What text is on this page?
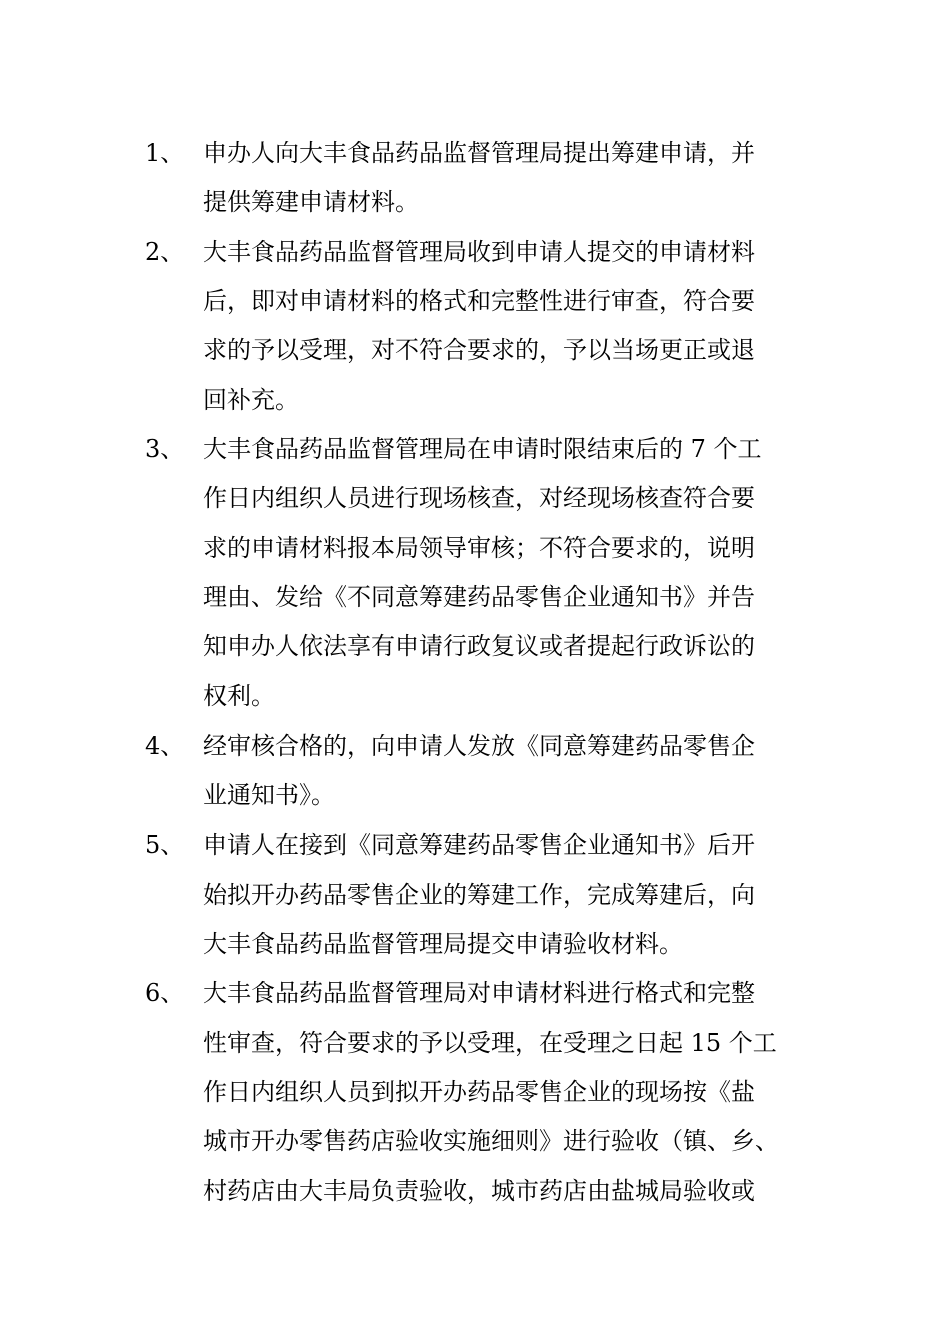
1、 申办人向大丰食品药品监督管理局提出筹建申请，并
提供筹建申请材料。
2、 大丰食品药品监督管理局收到申请人提交的申请材料
后，即对申请材料的格式和完整性进行审查，符合要
求的予以受理，对不符合要求的，予以当场更正或退
回补充。
3、 大丰食品药品监督管理局在申请时限结束后的 7 个工
作日内组织人员进行现场核查，对经现场核查符合要
求的申请材料报本局领导审核；不符合要求的，说明
理由、发给《不同意筹建药品零售企业通知书》并告
知申办人依法享有申请行政复议或者提起行政诉讼的
权利。
4、 经审核合格的，向申请人发放《同意筹建药品零售企
业通知书》。
5、 申请人在接到《同意筹建药品零售企业通知书》后开
始拟开办药品零售企业的筹建工作，完成筹建后，向
大丰食品药品监督管理局提交申请验收材料。
6、 大丰食品药品监督管理局对申请材料进行格式和完整
性审查，符合要求的予以受理，在受理之日起 15 个工
作日内组织人员到拟开办药品零售企业的现场按《盐
城市开办零售药店验收实施细则》进行验收（镇、乡、
村药店由大丰局负责验收，城市药店由盐城局验收或
